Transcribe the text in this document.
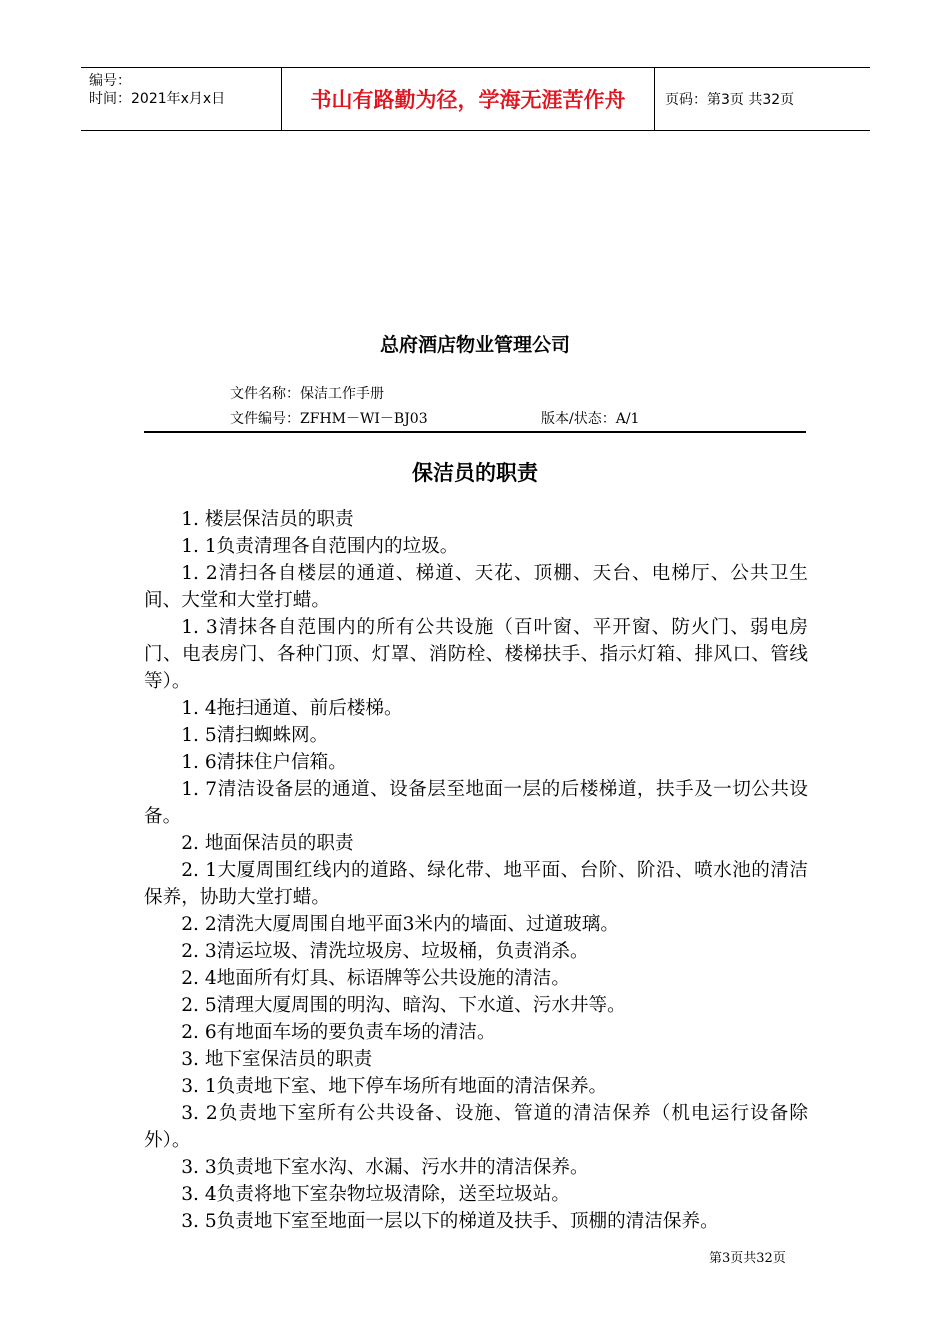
编号：
时间：2021年x月x日	书山有路勤为径，学海无涯苦作舟	页码：第3页 共32页
总府酒店物业管理公司
文件名称：保洁工作手册
文件编号：ZFHM－WI－BJ03	版本/状态：A/1
保洁员的职责

1. 楼层保洁员的职责

1. 1负责清理各自范围内的垃圾。

1. 2清扫各自楼层的通道、梯道、天花、顶棚、天台、电梯厅、公共卫生间、大堂和大堂打蜡。

1. 3清抹各自范围内的所有公共设施（百叶窗、平开窗、防火门、弱电房门、电表房门、各种门顶、灯罩、消防栓、楼梯扶手、指示灯箱、排风口、管线等）。

1. 4拖扫通道、前后楼梯。

1. 5清扫蜘蛛网。

1. 6清抹住户信箱。

1. 7清洁设备层的通道、设备层至地面一层的后楼梯道，扶手及一切公共设备。

2. 地面保洁员的职责

2. 1大厦周围红线内的道路、绿化带、地平面、台阶、阶沿、喷水池的清洁保养，协助大堂打蜡。

2. 2清洗大厦周围自地平面3米内的墙面、过道玻璃。

2. 3清运垃圾、清洗垃圾房、垃圾桶，负责消杀。

2. 4地面所有灯具、标语牌等公共设施的清洁。

2. 5清理大厦周围的明沟、暗沟、下水道、污水井等。

2. 6有地面车场的要负责车场的清洁。

3. 地下室保洁员的职责

3. 1负责地下室、地下停车场所有地面的清洁保养。

3. 2负责地下室所有公共设备、设施、管道的清洁保养（机电运行设备除外）。

3. 3负责地下室水沟、水漏、污水井的清洁保养。

3. 4负责将地下室杂物垃圾清除，送至垃圾站。

3. 5负责地下室至地面一层以下的梯道及扶手、顶棚的清洁保养。

第3页共32页
